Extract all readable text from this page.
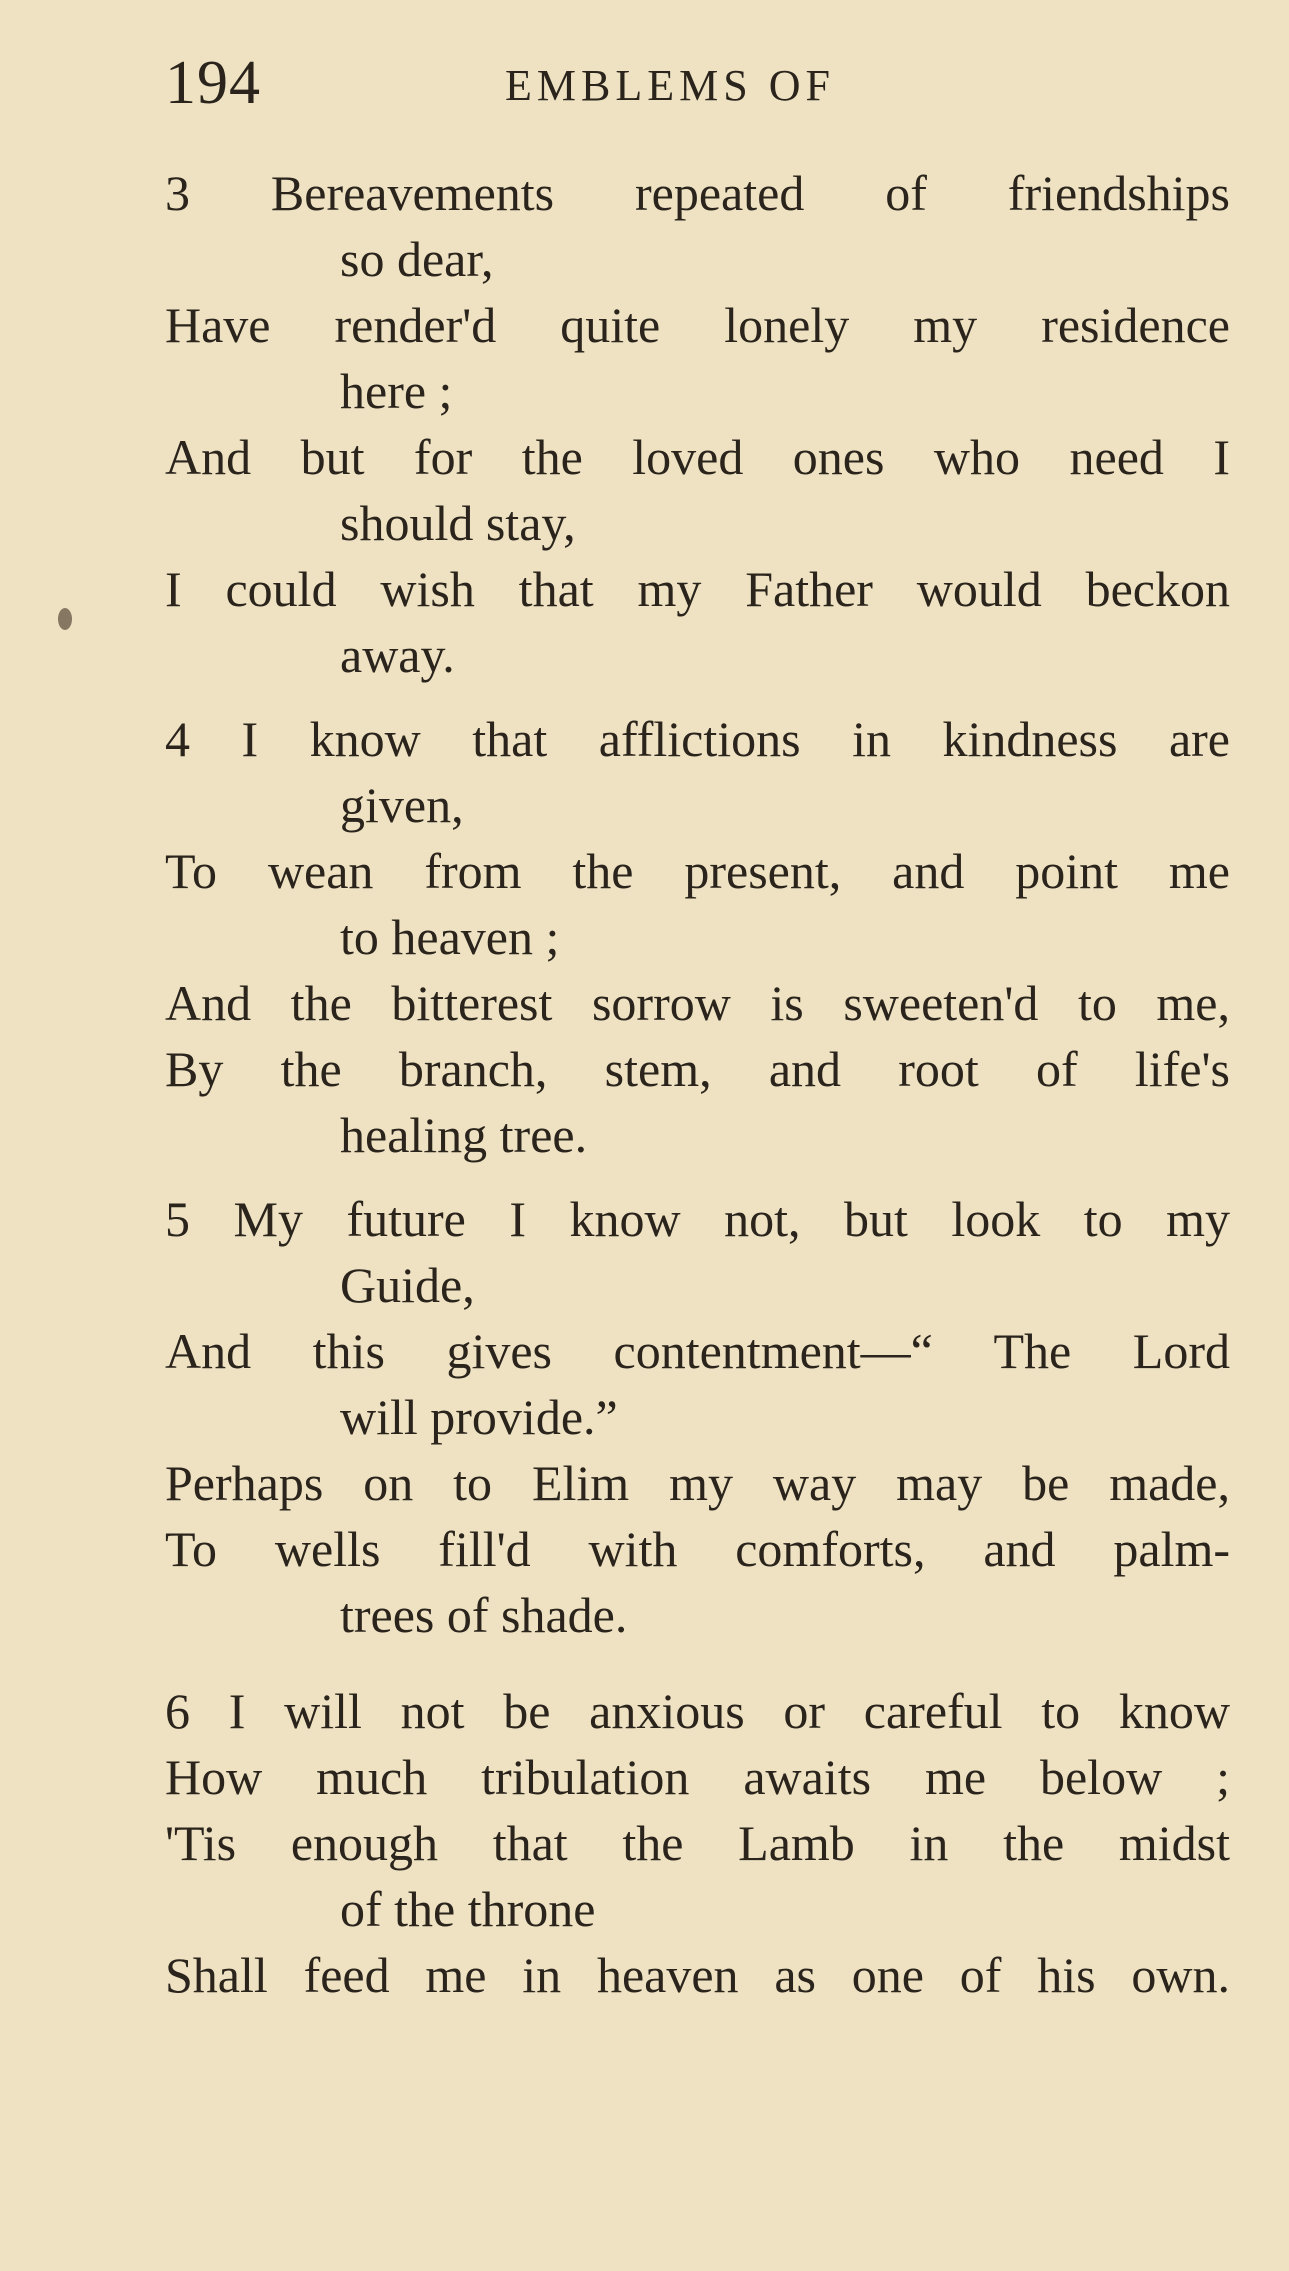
194	EMBLEMS OF
3 Bereavements repeated of friendships
so dear,
Have render'd quite lonely my residence
here ;
And but for the loved ones who need I
should stay,
I could wish that my Father would beckon
away.
4 I know that afflictions in kindness are
given,
To wean from the present, and point me
to heaven ;
And the bitterest sorrow is sweeten'd to me,
By the branch, stem, and root of life's
healing tree.
5 My future I know not, but look to my
Guide,
And this gives contentment—“ The Lord
will provide.”
Perhaps on to Elim my way may be made,
To wells fill'd with comforts, and palm-
trees of shade.
6 I will not be anxious or careful to know
How much tribulation awaits me below ;
'Tis enough that the Lamb in the midst
of the throne
Shall feed me in heaven as one of his own.
